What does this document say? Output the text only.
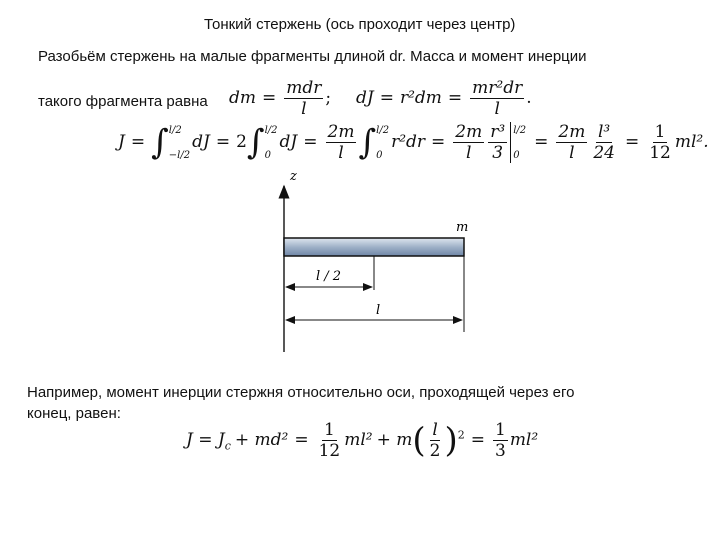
Тонкий стержень (ось проходит через центр)
Разобьём стержень на малые фрагменты длиной dr. Масса и момент инерции
такого фрагмента равна dm = $\frac{\text{mdr}}{l}$ ; dJ = $r^2dm = \frac{\text{mr²dr}}{l}$ .
J = ∫ l/2
−l/2
dJ = 2∫ l/2
0
dJ = $\frac{2m}{l}$ ∫ l/2
0
$r^2dr = \frac{2m}{l} \frac{\text{r³}}{3} l/2$
0
= $\frac{2m}{l} \frac{\text{l³}}{24} = \frac{1}{12} ml^2$.
z
m
l / 2
l
Например, момент инерции стержня относительно оси, проходящей через его
конец, равен:
$J = J_c + md^2 = \frac{1}{12} ml^2 + m( \frac{l}{2} )^2 = \frac{1}{3} ml^2$
